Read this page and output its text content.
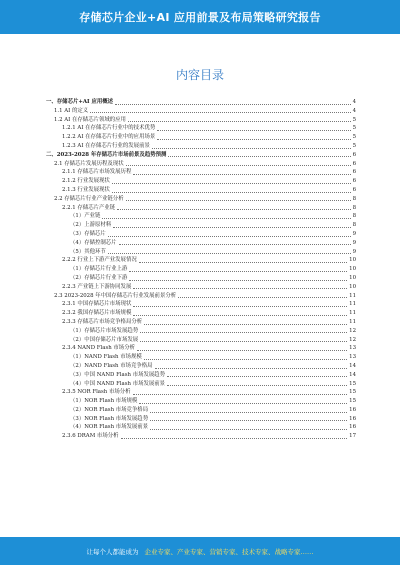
存储芯片企业+AI 应用前景及布局策略研究报告
内容目录
一、存储芯片+AI 应用概述	4
1.1 AI 的定义	4
1.2 AI 在存储芯片领域的应用	5
1.2.1 AI 在存储芯片行业中的技术优势	5
1.2.2 AI 在存储芯片行业中的应用场景	5
1.2.3 AI 在存储芯片行业的发展前景	5
二、2023-2028 年存储芯片市场前景及趋势预测	6
2.1 存储芯片发展历程及现状	6
2.1.1 存储芯片市场发展历程	6
2.1.2 行业发展现状	6
2.1.3 行业发展现状	6
2.2 存储芯片行业产业链分析	8
2.2.1 存储芯片产业链	8
（1）产业链	8
（2）上游原材料	8
（3）存储芯片	9
（4）存储控制芯片	9
（5）其他环节	9
2.2.2 行业上下游产业发展情况	10
（1）存储芯片行业上游	10
（2）存储芯片行业下游	10
2.2.3 产业链上下游协同发展	10
2.3 2023-2028 年中国存储芯片行业发展前景分析	11
2.3.1 中国存储芯片市场现状	11
2.3.2 我国存储芯片市场规模	11
2.3.3 存储芯片市场竞争格局分析	11
（1）存储芯片市场发展趋势	12
（2）中国存储芯片市场发展	12
2.3.4 NAND Flash 市场分析	13
（1）NAND Flash 市场规模	13
（2）NAND Flash 市场竞争格局	14
（3）中国 NAND Flash 市场发展趋势	14
（4）中国 NAND Flash 市场发展前景	15
2.3.5 NOR Flash 市场分析	15
（1）NOR Flash 市场规模	15
（2）NOR Flash 市场竞争格局	16
（3）NOR Flash 市场发展趋势	16
（4）NOR Flash 市场发展前景	16
2.3.6 DRAM 市场分析	17
让每个人都能成为 企业专家、产业专家、营销专家、技术专家、战略专家……
